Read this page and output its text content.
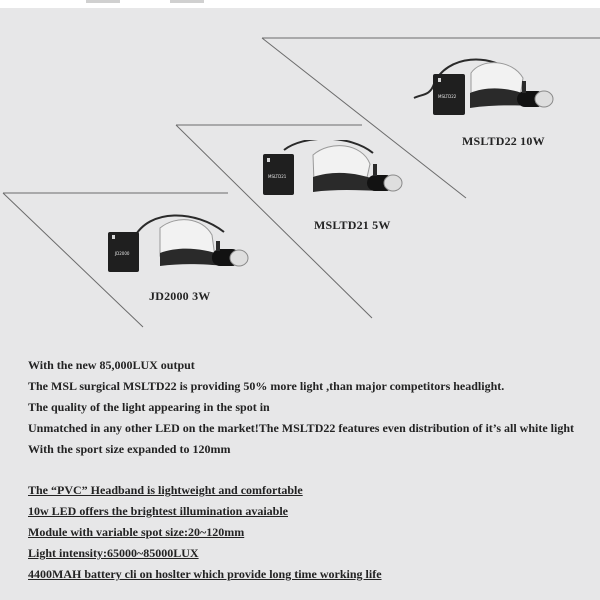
JD2000
JD2000 3W
MSLTD21
MSLTD21 5W
MSLTD22
MSLTD22 10W
With the new 85,000LUX output
The MSL surgical MSLTD22 is providing 50% more light ,than major competitors headlight.
The quality of the light appearing in the spot in
Unmatched in any other LED on the market!The MSLTD22 features even distribution of it’s all white light
With the sport size expanded to 120mm
The “PVC” Headband is lightweight and comfortable
10w LED offers the brightest illumination avaiable
Module with variable spot size:20~120mm
Light intensity:65000~85000LUX
4400MAH battery cli on hoslter which provide long time working life
